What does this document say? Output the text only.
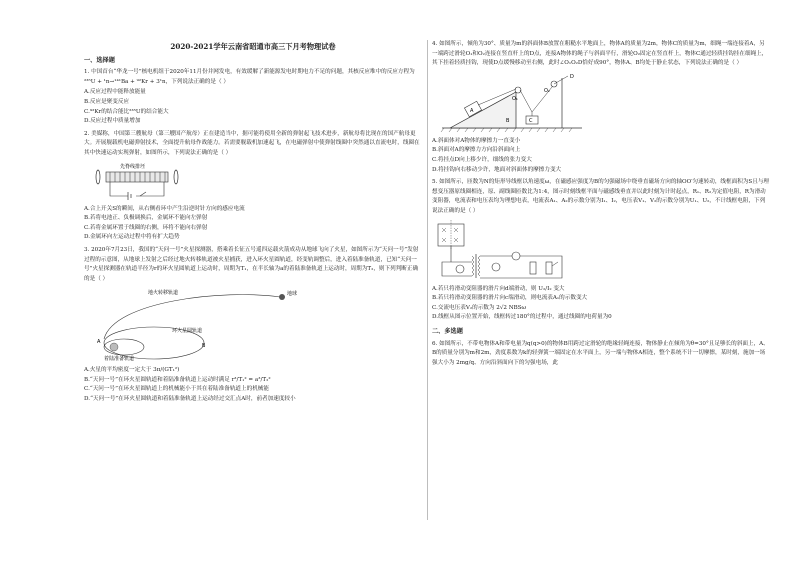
2020-2021学年云南省昭通市高三下月考物理试卷
一、选择题
1. 中国首台“华龙一号”核电机组于2020年11月份并网发电，有效缓解了新能源发电时期电力不足的问题，其核反应堆中的反应方程为²³⁵U + ¹n→¹⁴¹Ba + ⁹²Kr + 3¹n，下列说法正确的是（ ）
A.反应过程中能释放能量
B.反应是聚变反应
C.⁹²Kr的结合能比²³⁵U的结合能大
D.反应过程中质量增加
2. 美媒称，中国第三艘航母（第三艘国产航母）正在建造当中，据可能将使用全新的弹射起飞技术进步，新航母将比现在的国产航母更大。开展舰载机电磁弹射技术，全面提升航母作战能力。若需要舰载机加速起飞，在电磁弹射中使弹射线圈中突然通以直流电时，线圈在其中快速运动实现弹射，如图所示，下列说法正确的是（ ）
先脊线排坯
A.合上开关S的瞬间，从右侧看环中产生沿逆时针方向的感应电流
B.若将电池正、负极调换后，金属环不能向左弹射
C.若将金属环置于线圈的右侧，环将不能向右弹射
D.金属环向左运动过程中将有扩大趋势
3. 2020年7月23日，我国的“天问一号”火星探测器，搭乘着长征五号遥四运载火箭成功从地球飞向了火星，如图所示为“天问一号”发射过程的示意图，从地球上发射之后经过地火转移轨道被火星捕获，进入环火星圆轨道，经变轨调整后，进入着陆准备轨道，已知“天问一号”火星探测器在轨道半径为r的环火星圆轨道上运动时，周期为T₁，在半长轴为a的着陆准备轨道上运动时，周期为T₂，则下列判断正确的是（ ）
地火转移轨道	地球
环火星圆轨道
着陆准备轨道
A
B
A.火星的平均密度一定大于 3π/(GT₁²)
B.“天问一号”在环火星圆轨道和着陆准备轨道上运动时满足 r³/T₁² = a³/T₂²
C.“天问一号”在环火星圆轨道上的机械能小于其在着陆准备轨道上的机械能
D.“天问一号”在环火星圆轨道和着陆准备轨道上运动经过交汇点A时，前者加速度较小
4. 如图所示，倾角为30°、质量为m的斜面体B放置在粗糙水平地面上，物体A的质量为2m，物体C的质量为m，细绳一端连接着A，另一端跨过滑轮O₁和O₂连接在竖直杆上的D点，连接A物体的绳子与斜面平行，滑轮O₂固定在竖直杆上，物体C通过轻质挂钩挂在细绳上，其下挂着轻质挂钩，现使D点缓慢移动至右侧，此时∠O₁O₂D恰好成90°，物体A、B均处于静止状态，下列说法正确的是（ ）
A
B	C
D
O₁
O₂
A.斜面体对A物体的摩擦力一直变小
B.斜面对A的摩擦力方向沿斜面向上
C.将挂点D向上移少许，细线的张力变大
D.将挂钩向右移动少许，地面对斜面体的摩擦力变大
5. 如图所示，匝数为N的矩形导线框以角速度ω，在磁感应强度为B的匀强磁场中绕垂直磁场方向的轴OO′匀速转动，线框面积为S且与理想变压器原线圈相连，原、副线圈匝数比为1:4，图示时刻线框平面与磁感线垂直并以此时刻为计时起点，R₁、R₂为定值电阻，R为滑动变阻器，电流表和电压表均为理想电表，电流表A₁、A₂的示数分别为I₁、I₂，电压表V₁、V₂的示数分别为U₁、U₂，不计线框电阻，下列说法正确的是（ ）
A.若只将滑动变阻器的滑片向d端滑动，则 U₂/I₂ 变大
B.若只将滑动变阻器的滑片向c端滑动，则电流表A₁的示数变大
C.交流电压表V₂的示数为 2√2 NBSω
D.线框从图示位置开始，线框转过180°的过程中，通过线圈的电荷量为0
二、多选题
6. 如图所示，不带电物体A和带电量为q(q>0)的物体B用跨过定滑轮的绝缘轻绳连接，物体静止在倾角为θ=30°且足够长的斜面上，A、B的质量分别为m和2m，劲度系数为k的轻弹簧一端固定在水平面上，另一端与物体A相连，整个系统不计一切摩擦，某时刻，施加一场强大小为 2mg/q、方向沿斜面向下的匀强电场，此
